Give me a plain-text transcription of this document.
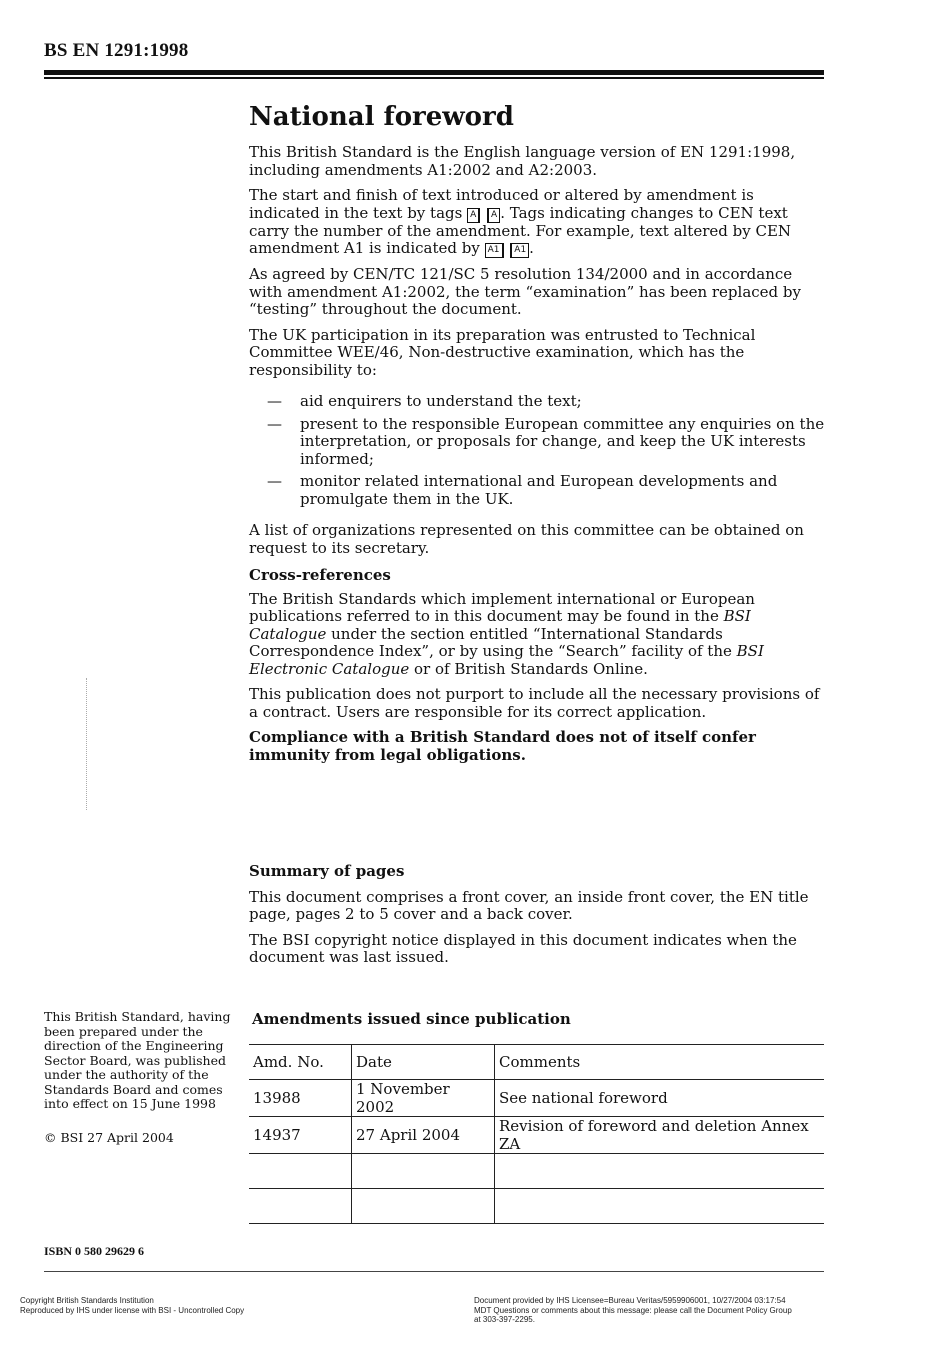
BS EN 1291:1998
National foreword

This British Standard is the English language version of EN 1291:1998, including amendments A1:2002 and A2:2003.

The start and finish of text introduced or altered by amendment is indicated in the text by tags A A . Tags indicating changes to CEN text carry the number of the amendment. For example, text altered by CEN amendment A1 is indicated by A1 A1 .

As agreed by CEN/TC 121/SC 5 resolution 134/2000 and in accordance with amendment A1:2002, the term “examination” has been replaced by “testing” throughout the document.

The UK participation in its preparation was entrusted to Technical Committee WEE/46, Non-destructive examination, which has the responsibility to:

— aid enquirers to understand the text;
— present to the responsible European committee any enquiries on the interpretation, or proposals for change, and keep the UK interests informed;
— monitor related international and European developments and promulgate them in the UK.

A list of organizations represented on this committee can be obtained on request to its secretary.

Cross-references

The British Standards which implement international or European publications referred to in this document may be found in the BSI Catalogue under the section entitled “International Standards Correspondence Index”, or by using the “Search” facility of the BSI Electronic Catalogue or of British Standards Online.

This publication does not purport to include all the necessary provisions of a contract. Users are responsible for its correct application.

Compliance with a British Standard does not of itself confer immunity from legal obligations.

Summary of pages

This document comprises a front cover, an inside front cover, the EN title page, pages 2 to 5 cover and a back cover.

The BSI copyright notice displayed in this document indicates when the document was last issued.

This British Standard, having been prepared under the direction of the Engineering Sector Board, was published under the authority of the Standards Board and comes into effect on 15 June 1998
© BSI 27 April 2004
ISBN 0 580 29629 6
Amendments issued since publication
Amd. No.	Date	Comments
13988	1 November 2002	See national foreword
14937	27 April 2004	Revision of foreword and deletion Annex ZA

Copyright British Standards Institution
Reproduced by IHS under license with BSI - Uncontrolled Copy
Document provided by IHS Licensee=Bureau Veritas/5959906001, 10/27/2004 03:17:54 MDT Questions or comments about this message: please call the Document Policy Group at 303-397-2295.
